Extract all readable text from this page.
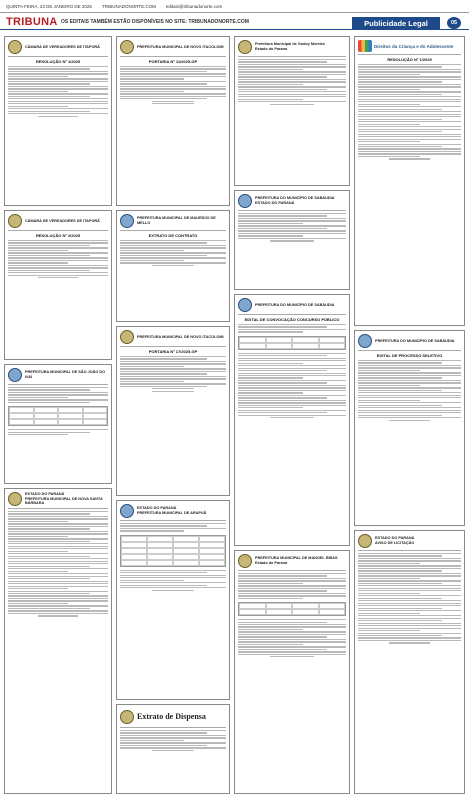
QUINTA-FEIRA, 23 DE JANEIRO DE 2025 TRIBUNADONORTE.COM editais@tribunadonorte.com
TRIBUNA OS EDITAIS TAMBÉM ESTÃO DISPONÍVEIS NO SITE: TRIBUNADONORTE.COM	Publicidade Legal	05
CÂMARA DE VEREADORES DE ITAPORÃ
RESOLUÇÃO Nº 1/2025
CÂMARA DE VEREADORES DE ITAPORÃ
RESOLUÇÃO Nº 2/2025
PREFEITURA MUNICIPAL DE SÃO JOÃO DO IVAÍ
ESTADO DO PARANÁ
PREFEITURA MUNICIPAL DE NOVA SANTA BÁRBARA
PREFEITURA MUNICIPAL DE NOVO ITACOLOMI
PORTARIA Nº 11/2025-GP
PREFEITURA MUNICIPAL DE MAURÍCIO DE MELLO
EXTRATO DE CONTRATO
PREFEITURA MUNICIPAL DE NOVO ITACOLOMI
PORTARIA Nº 17/2025-GP
ESTADO DO PARANÁ
PREFEITURA MUNICIPAL DE ARAPUÃ
Extrato de Dispensa
Prefeitura Municipal de Godoy Moreira
Estado do Paraná
PREFEITURA DO MUNICÍPIO DE SABÁUDIA
ESTADO DO PARANÁ
PREFEITURA DO MUNICÍPIO DE SABÁUDIA
EDITAL DE CONVOCAÇÃO CONCURSO PÚBLICO
PREFEITURA MUNICIPAL DE MANOEL RIBAS
Estado do Paraná
Direitos da Criança e do Adolescente
RESOLUÇÃO Nº 1/2025
PREFEITURA DO MUNICÍPIO DE SABÁUDIA
EDITAL DE PROCESSO SELETIVO
ESTADO DO PARANÁ
AVISO DE LICITAÇÃO
